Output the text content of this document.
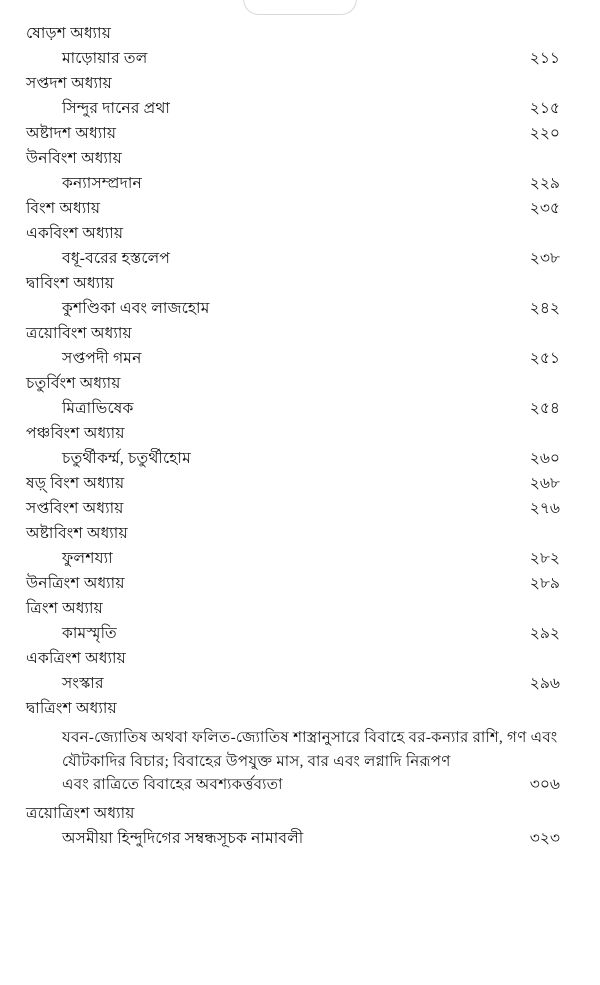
ষোড়শ অধ্যায়
মাড়োয়ার তল	২১১
সপ্তদশ অধ্যায়
সিন্দুর দানের প্রথা	২১৫
অষ্টাদশ অধ্যায়	২২০
উনবিংশ অধ্যায়
কন্যাসম্প্রদান	২২৯
বিংশ অধ্যায়	২৩৫
একবিংশ অধ্যায়
বধূ-বরের হস্তলেপ	২৩৮
দ্বাবিংশ অধ্যায়
কুশণ্ডিকা এবং লাজহোম	২৪২
ত্রয়োবিংশ অধ্যায়
সপ্তপদী গমন	২৫১
চতুর্বিংশ অধ্যায়
মিত্রাভিষেক	২৫৪
পঞ্চবিংশ অধ্যায়
চতুর্থীকর্ম্ম, চতুর্থীহোম	২৬০
ষড়্‌ বিংশ অধ্যায়	২৬৮
সপ্তবিংশ অধ্যায়	২৭৬
অষ্টাবিংশ অধ্যায়
ফুলশয্যা	২৮২
উনত্রিংশ অধ্যায়	২৮৯
ত্রিংশ অধ্যায়
কামস্মৃতি	২৯২
একত্রিংশ অধ্যায়
সংস্কার	২৯৬
দ্বাত্রিংশ অধ্যায়
যবন-জ্যোতিষ অথবা ফলিত-জ্যোতিষ শাস্ত্রানুসারে বিবাহে বর-কন্যার রাশি, গণ এবং যৌটকাদির বিচার; বিবাহের উপযুক্ত মাস, বার এবং লগ্নাদি নিরূপণ
এবং রাত্রিতে বিবাহের অবশ্যকর্ত্তব্যতা	৩০৬
ত্রয়োত্রিংশ অধ্যায়
অসমীয়া হিন্দুদিগের সম্বন্ধসূচক নামাবলী	৩২৩
